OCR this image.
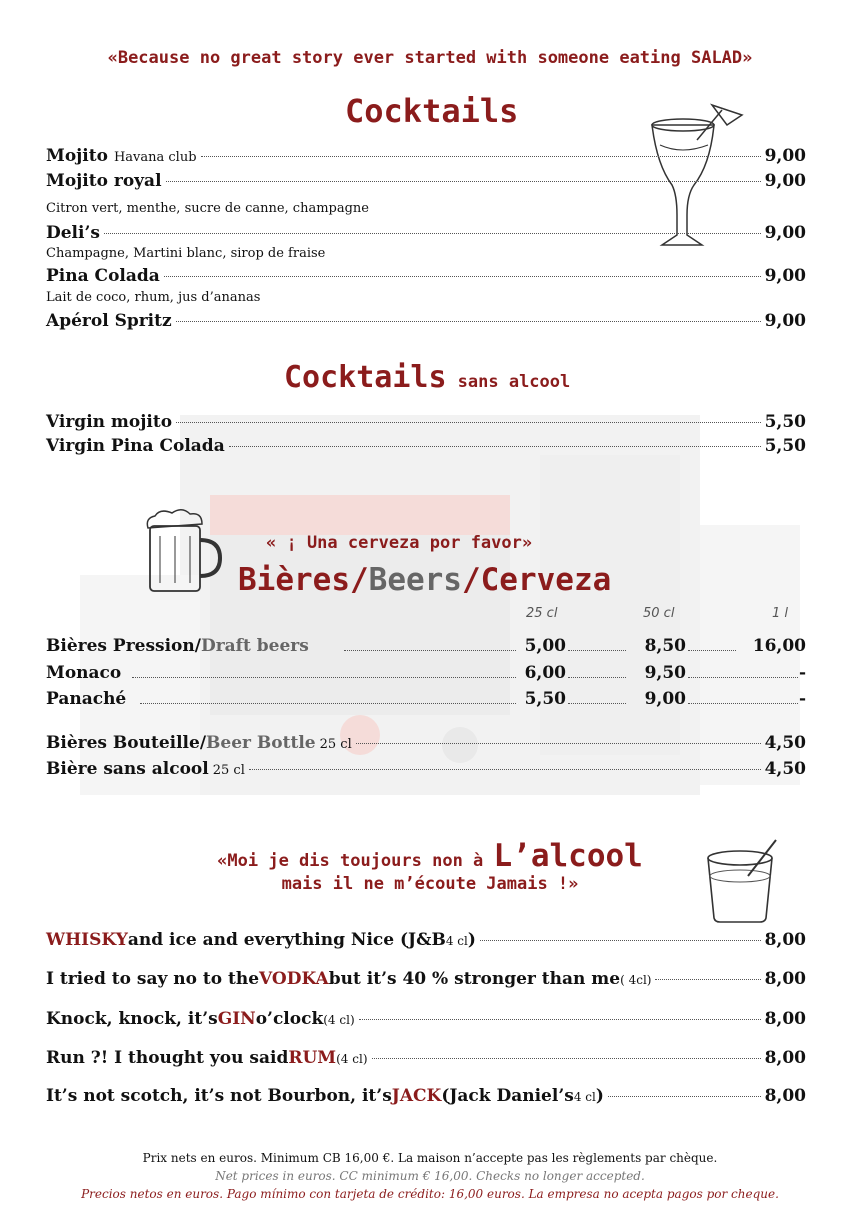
«Because no great story ever started with someone eating SALAD»
Cocktails
Mojito Havana club	9,00
Mojito royal	9,00
Citron vert, menthe, sucre de canne, champagne
Deli’s	9,00
Champagne, Martini blanc, sirop de fraise
Pina Colada	9,00
Lait de coco, rhum, jus d’ananas
Apérol Spritz	9,00
Cocktails sans alcool
Virgin mojito	5,50
Virgin Pina Colada	5,50
« ¡ Una cerveza por favor»
Bières/Beers/Cerveza
25 cl	50 cl	1 l
Bières Pression/Draft beers	5,00	8,50	16,00
Monaco	6,00	9,50	-
Panaché	5,50	9,00	-
Bières Bouteille/ Beer Bottle 25 cl	4,50
Bière sans alcool 25 cl	4,50
«Moi je dis toujours non à L’alcool
mais il ne m’écoute Jamais !»
WHISKY and ice and everything Nice (J&B 4 cl )	8,00
I tried to say no to the VODKA but it’s 40 % stronger than me ( 4cl)	8,00
Knock, knock, it’s GIN o’clock (4 cl)	8,00
Run ?! I thought you said RUM (4 cl)	8,00
It’s not scotch, it’s not Bourbon, it’s JACK (Jack Daniel’s 4 cl )	8,00
Prix nets en euros. Minimum CB 16,00 €. La maison n’accepte pas les règlements par chèque.
Net prices in euros. CC minimum € 16,00. Checks no longer accepted.
Precios netos en euros. Pago mínimo con tarjeta de crédito: 16,00 euros. La empresa no acepta pagos por cheque.
